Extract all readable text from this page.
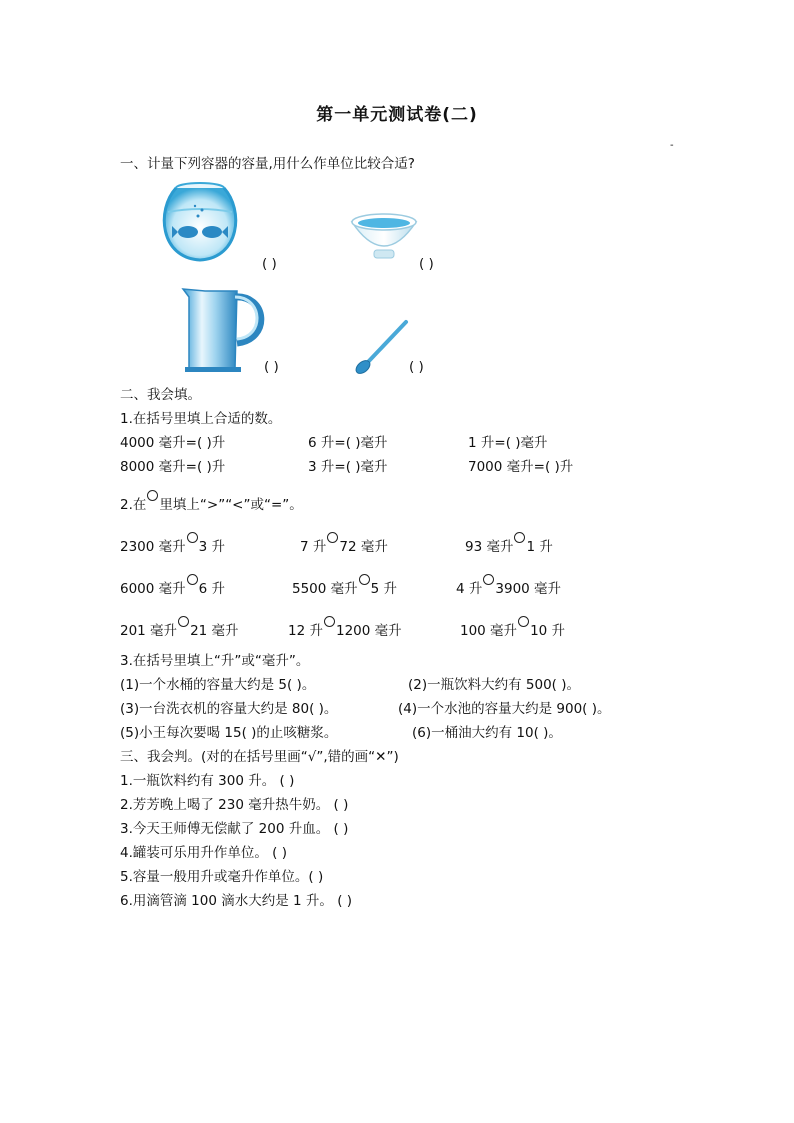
第一单元测试卷(二)
-
一、计量下列容器的容量,用什么作单位比较合适?
( )	( )
( )	( )
二、我会填。
1.在括号里填上合适的数。
4000 毫升=( )升	6 升=( )毫升	1 升=( )毫升
8000 毫升=( )升	3 升=( )毫升	7000 毫升=( )升
2.在 里填上“>”“<”或“=”。
2300 毫升 3 升	7 升 72 毫升	93 毫升 1 升
6000 毫升 6 升	5500 毫升 5 升	4 升 3900 毫升
201 毫升 21 毫升	12 升 1200 毫升	100 毫升 10 升
3.在括号里填上“升”或“毫升”。
(1)一个水桶的容量大约是 5( )。	(2)一瓶饮料大约有 500( )。
(3)一台洗衣机的容量大约是 80( )。	(4)一个水池的容量大约是 900( )。
(5)小王每次要喝 15( )的止咳糖浆。	(6)一桶油大约有 10( )。
三、我会判。(对的在括号里画“√”,错的画“✕”)
1.一瓶饮料约有 300 升。 ( )
2.芳芳晚上喝了 230 毫升热牛奶。 ( )
3.今天王师傅无偿献了 200 升血。 ( )
4.罐装可乐用升作单位。 ( )
5.容量一般用升或毫升作单位。( )
6.用滴管滴 100 滴水大约是 1 升。 ( )
